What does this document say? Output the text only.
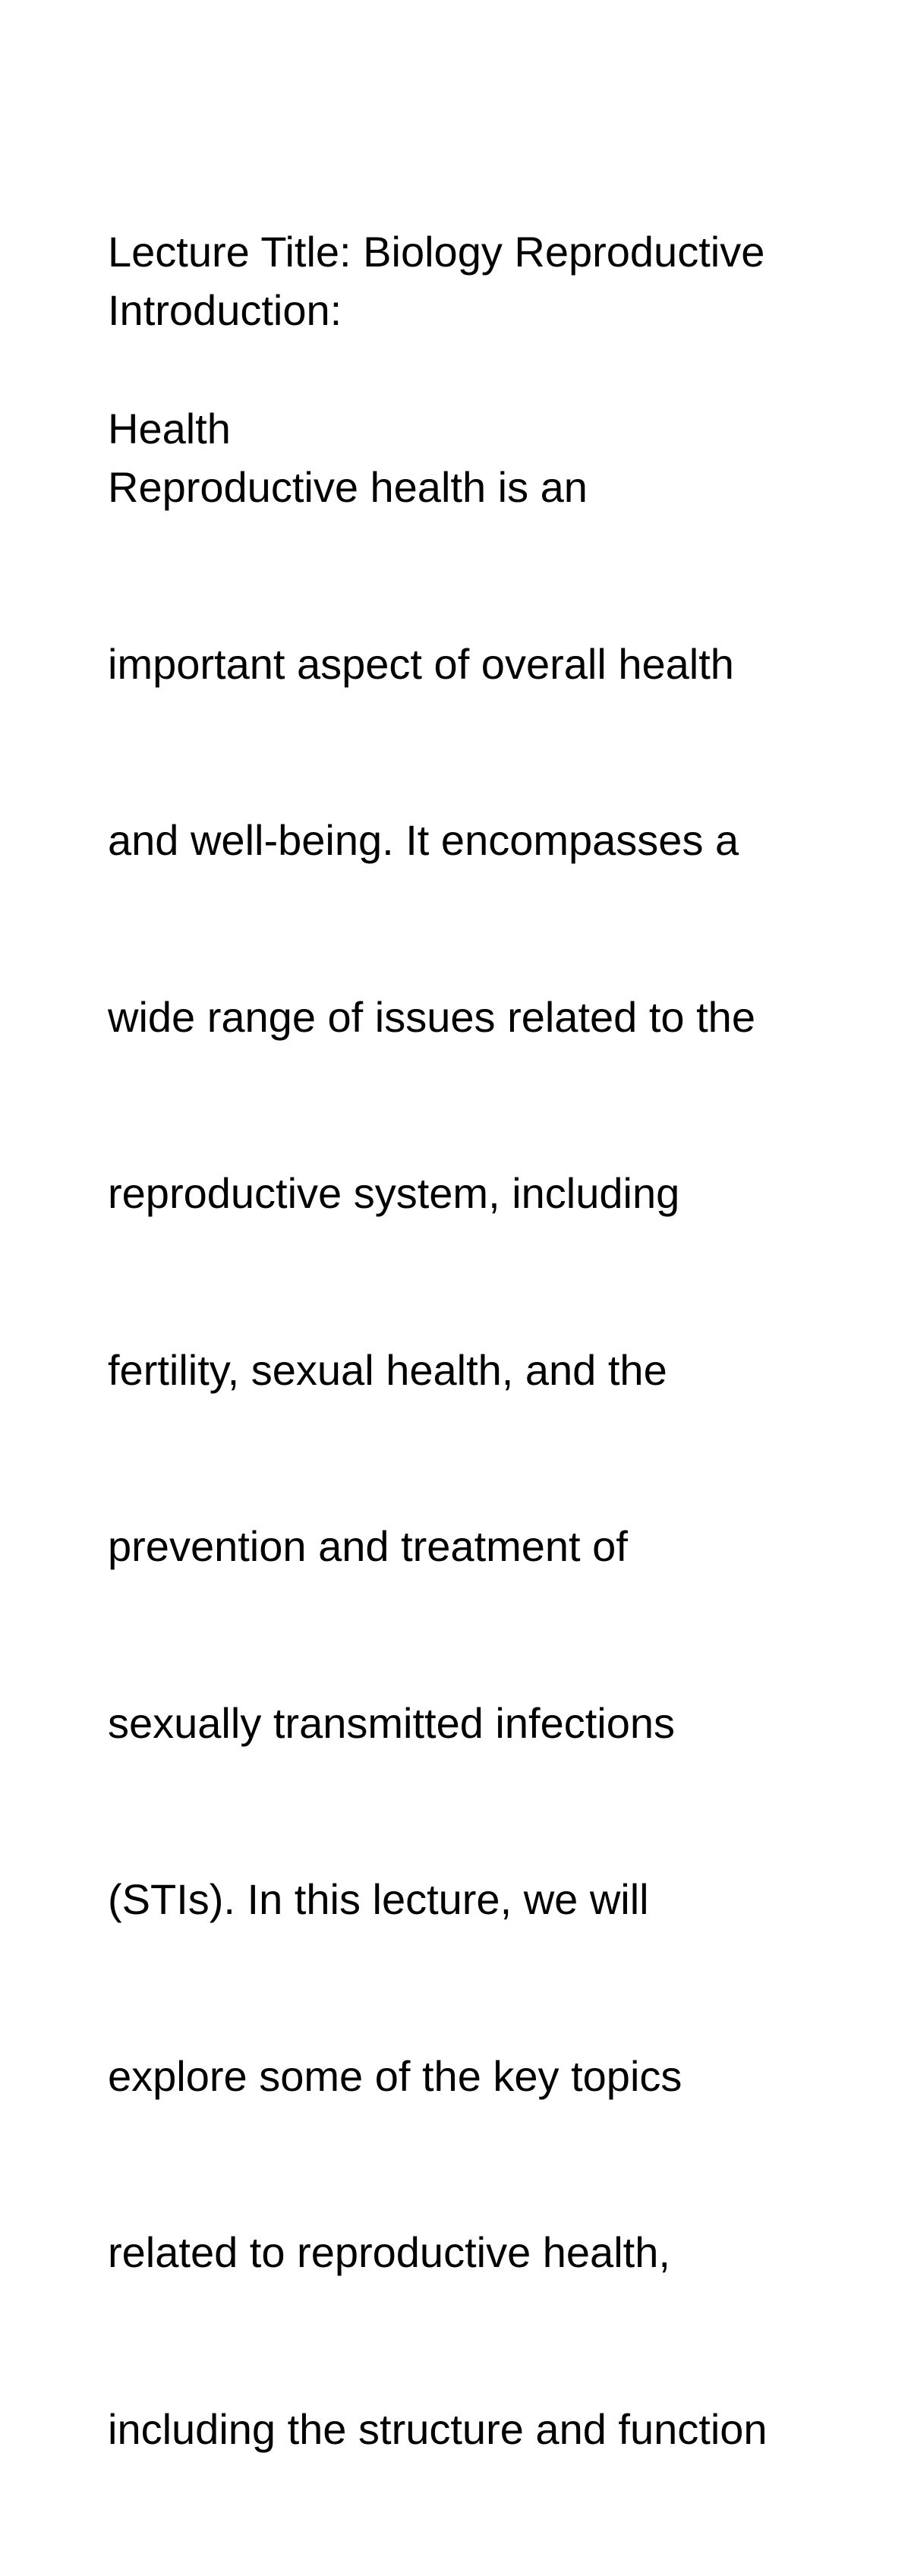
Lecture Title: Biology Reproductive

Health

Introduction:

Reproductive health is an

important aspect of overall health

and well-being. It encompasses a

wide range of issues related to the

reproductive system, including

fertility, sexual health, and the

prevention and treatment of

sexually transmitted infections

(STIs). In this lecture, we will

explore some of the key topics

related to reproductive health,

including the structure and function
